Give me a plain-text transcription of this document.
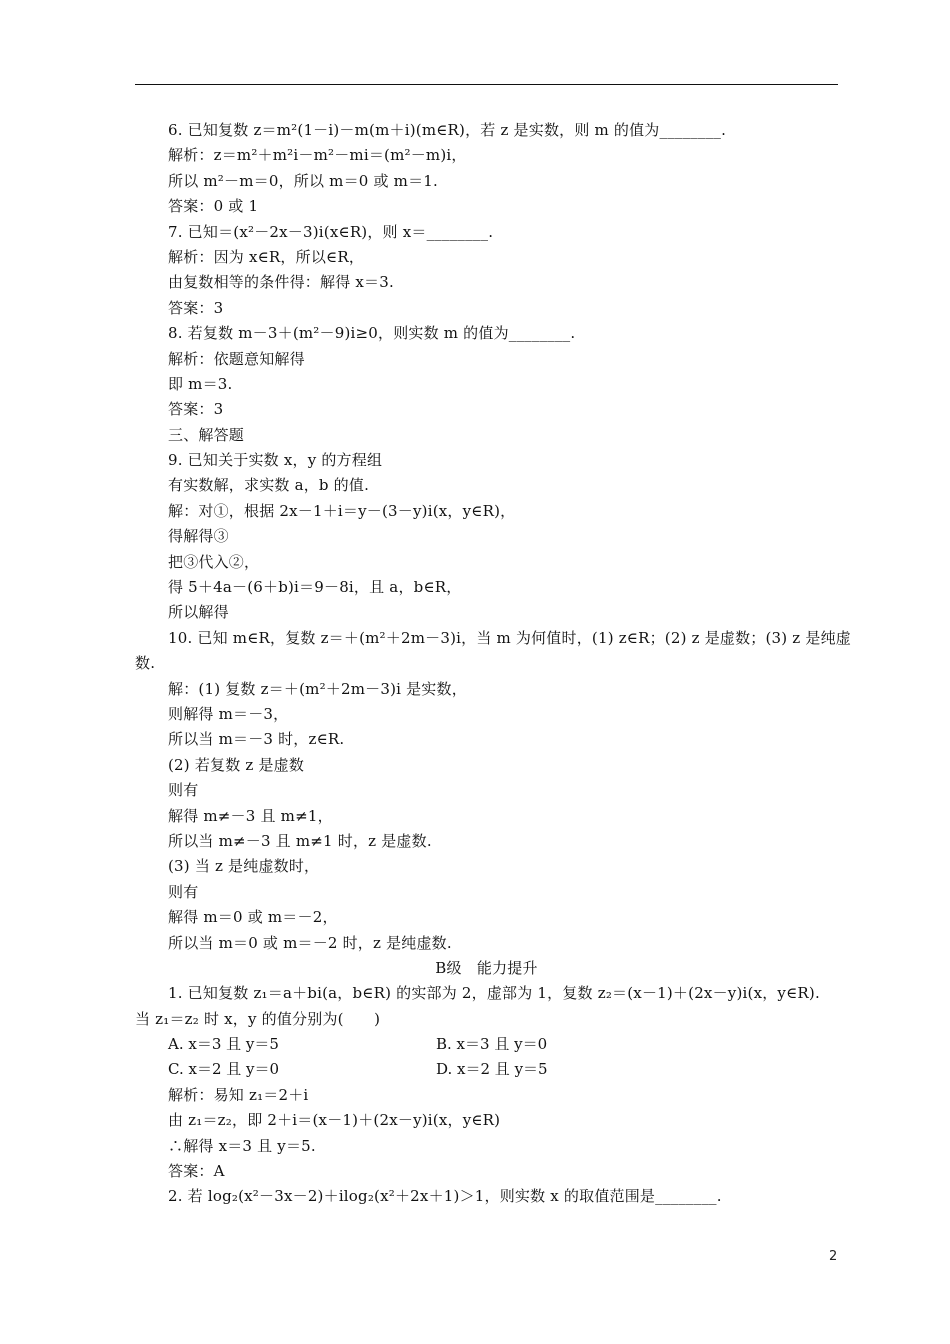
6. 已知复数 z＝m²(1－i)－m(m＋i)(m∈R)，若 z 是实数，则 m 的值为________.
解析：z＝m²＋m²i－m²－mi＝(m²－m)i，
所以 m²－m＝0，所以 m＝0 或 m＝1.
答案：0 或 1
7. 已知＝(x²－2x－3)i(x∈R)，则 x＝________.
解析：因为 x∈R，所以∈R，
由复数相等的条件得：解得 x＝3.
答案：3
8. 若复数 m－3＋(m²－9)i≥0，则实数 m 的值为________.
解析：依题意知解得
即 m＝3.
答案：3
三、解答题
9. 已知关于实数 x，y 的方程组
有实数解，求实数 a，b 的值.
解：对①，根据 2x－1＋i＝y－(3－y)i(x，y∈R)，
得解得③
把③代入②，
得 5＋4a－(6＋b)i＝9－8i，且 a，b∈R，
所以解得
10. 已知 m∈R，复数 z＝＋(m²＋2m－3)i，当 m 为何值时，(1) z∈R；(2) z 是虚数；(3) z 是纯虚
数.
解：(1) 复数 z＝＋(m²＋2m－3)i 是实数，
则解得 m＝－3，
所以当 m＝－3 时，z∈R.
(2) 若复数 z 是虚数
则有
解得 m≠－3 且 m≠1，
所以当 m≠－3 且 m≠1 时，z 是虚数.
(3) 当 z 是纯虚数时，
则有
解得 m＝0 或 m＝－2，
所以当 m＝0 或 m＝－2 时，z 是纯虚数.
B级　能力提升
1. 已知复数 z₁＝a＋bi(a，b∈R) 的实部为 2，虚部为 1，复数 z₂＝(x－1)＋(2x－y)i(x，y∈R).
当 z₁＝z₂ 时 x，y 的值分别为(　　)
A. x＝3 且 y＝5	B. x＝3 且 y＝0
C. x＝2 且 y＝0	D. x＝2 且 y＝5
解析：易知 z₁＝2＋i
由 z₁＝z₂，即 2＋i＝(x－1)＋(2x－y)i(x，y∈R)
∴解得 x＝3 且 y＝5.
答案：A
2. 若 log₂(x²－3x－2)＋ilog₂(x²＋2x＋1)＞1，则实数 x 的取值范围是________.
2
